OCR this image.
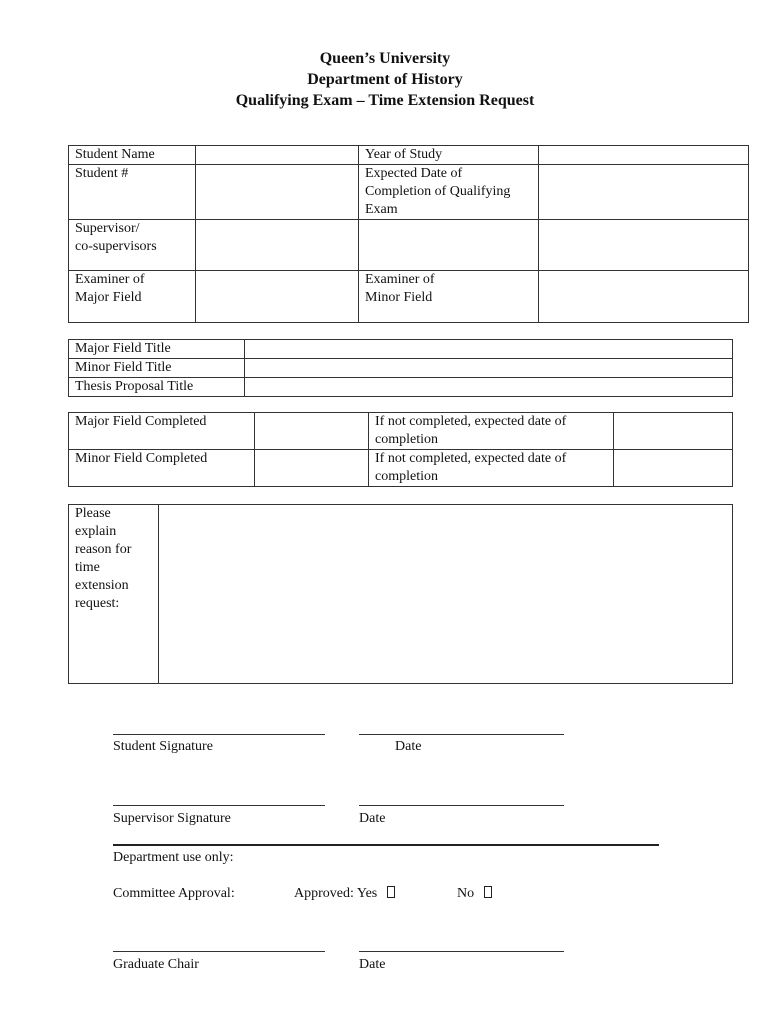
Queen’s University
Department of History
Qualifying Exam – Time Extension Request
Student Name		Year of Study	
Student #		Expected Date of
Completion of Qualifying
Exam	

Supervisor/
co-supervisors			

Examiner of
Major Field		Examiner of
Minor Field	

Major Field Title	
Minor Field Title	
Thesis Proposal Title	
Major Field Completed		If not completed, expected date of
completion	

Minor Field Completed		If not completed, expected date of
completion	

Please
explain
reason for
time
extension
request:

Student Signature	Date
Supervisor Signature	Date
Department use only:
Committee Approval:	Approved: Yes	No
Graduate Chair	Date
